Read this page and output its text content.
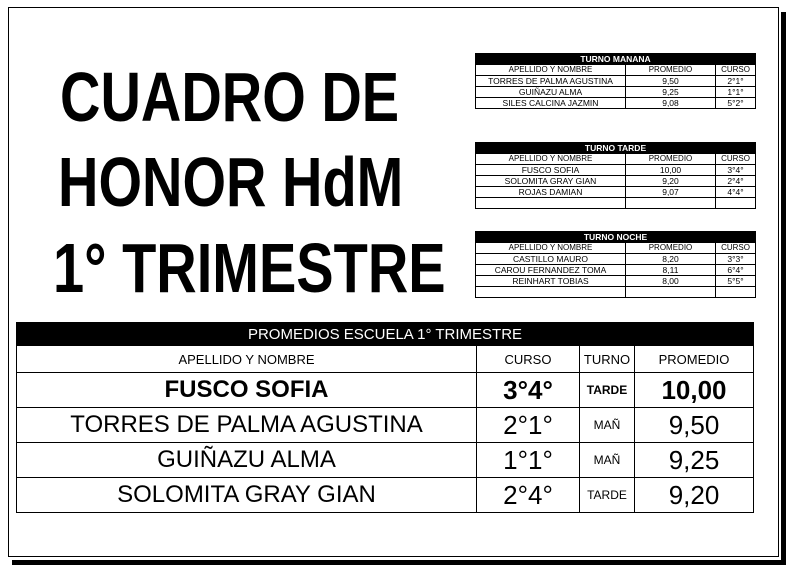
CUADRO DE
HONOR HdM
1° TRIMESTRE
TURNO MANANA		
APELLIDO Y NOMBRE	PROMEDIO	CURSO
TORRES DE PALMA AGUSTINA	9,50	2°1°
GUIÑAZU ALMA	9,25	1°1°
SILES CALCINA JAZMIN	9,08	5°2°
TURNO TARDE		
APELLIDO Y NOMBRE	PROMEDIO	CURSO
FUSCO SOFIA	10,00	3°4°
SOLOMITA GRAY GIAN	9,20	2°4°
ROJAS DAMIAN	9,07	4°4°

TURNO NOCHE		
APELLIDO Y NOMBRE	PROMEDIO	CURSO
CASTILLO MAURO	8,20	3°3°
CAROU FERNANDEZ TOMA	8,11	6°4°
REINHART TOBIAS	8,00	5°5°

PROMEDIOS ESCUELA 1° TRIMESTRE			
APELLIDO Y NOMBRE	CURSO	TURNO	PROMEDIO
FUSCO SOFIA	3°4°	TARDE	10,00
TORRES DE PALMA AGUSTINA	2°1°	MAÑ	9,50
GUIÑAZU ALMA	1°1°	MAÑ	9,25
SOLOMITA GRAY GIAN	2°4°	TARDE	9,20
